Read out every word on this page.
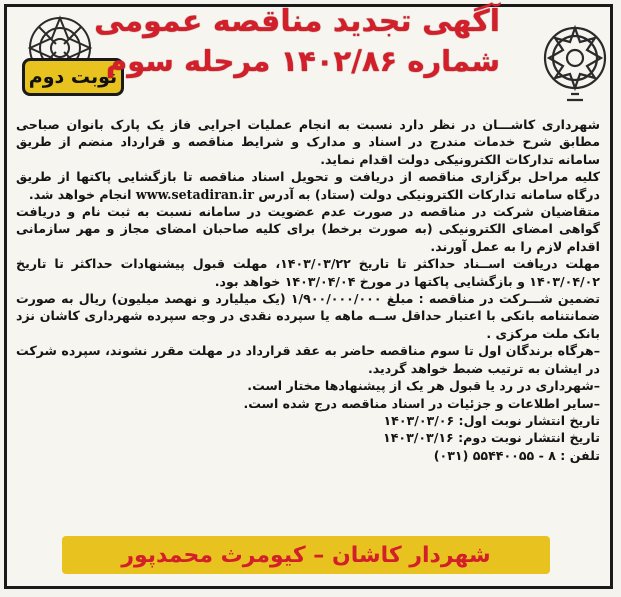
نوبت دوم
آگهی تجدید مناقصه عمومی
شماره ۱۴۰۲/۸۶ مرحله سوم

شهرداری کاشـــان در نظر دارد نسبت به انجام عملیات اجرایی فاز یک پارک بانوان صباحی مطابق شرح خدمات مندرج در اسناد و مدارک و شرایط مناقصه و قرارداد منضم از طریق سامانه تدارکات الکترونیکی دولت اقدام نماید.

کلیه مراحل برگزاری مناقصه از دریافت و تحویل اسناد مناقصه تا بازگشایی پاکتها از طریق درگاه سامانه تدارکات الکترونیکی دولت (ستاد) به آدرس www.setadiran.ir انجام خواهد شد.

متقاضیان شرکت در مناقصه در صورت عدم عضویت در سامانه نسبت به ثبت نام و دریافت گواهی امضای الکترونیکی (به صورت برخط) برای کلیه صاحبان امضای مجاز و مهر سازمانی اقدام لازم را به عمل آورند.

مهلت دریافت اســناد حداکثر تا تاریخ ۱۴۰۳/۰۳/۲۲، مهلت قبول پیشنهادات حداکثر تا تاریخ ۱۴۰۳/۰۴/۰۲ و بازگشایی پاکتها در مورخ ۱۴۰۳/۰۴/۰۴ خواهد بود.

تضمین شـــرکت در مناقصه : مبلغ ۱/۹۰۰/۰۰۰/۰۰۰ (یک میلیارد و نهصد میلیون) ریال به صورت ضمانتنامه بانکی با اعتبار حداقل ســه ماهه یا سپرده نقدی در وجه سپرده شهرداری کاشان نزد بانک ملت مرکزی .

–هرگاه برندگان اول تا سوم مناقصه حاضر به عقد قرارداد در مهلت مقرر نشوند، سپرده شرکت در ایشان به ترتیب ضبط خواهد گردید.

–شهرداری در رد یا قبول هر یک از پیشنهادها مختار است.

–سایر اطلاعات و جزئیات در اسناد مناقصه درج شده است.

تاریخ انتشار نوبت اول: ۱۴۰۳/۰۳/۰۶

تاریخ انتشار نوبت دوم: ۱۴۰۳/۰۳/۱۶

تلفن : ۸ - ۵۵۴۴۰۰۵۵ (۰۳۱)

شهردار کاشان – کیومرث محمدپور
